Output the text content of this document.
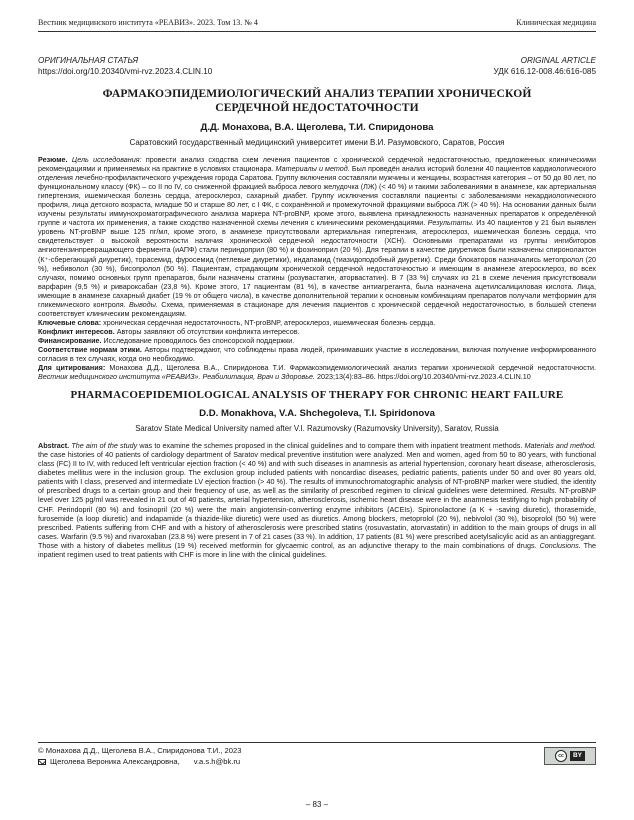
Вестник медицинского института «РЕАВИЗ». 2023. Том 13. № 4	Клиническая медицина
ОРИГИНАЛЬНАЯ СТАТЬЯ
https://doi.org/10.20340/vmi-rvz.2023.4.CLIN.10
ORIGINAL ARTICLE
УДК 616.12-008.46:616-085
ФАРМАКОЭПИДЕМИОЛОГИЧЕСКИЙ АНАЛИЗ ТЕРАПИИ ХРОНИЧЕСКОЙ СЕРДЕЧНОЙ НЕДОСТАТОЧНОСТИ
Д.Д. Монахова, В.А. Щеголева, Т.И. Спиридонова
Саратовский государственный медицинский университет имени В.И. Разумовского, Саратов, Россия

Резюме. Цель исследования: провести анализ сходства схем лечения пациентов с хронической сердечной недостаточностью, предложенных клиническими рекомендациями и применяемых на практике в условиях стационара. Материалы и метод. Был проведён анализ историй болезни 40 пациентов кардиологического отделения лечебно-профилактического учреждения города Саратова. Группу включения составляли мужчины и женщины, возрастная категория – от 50 до 80 лет, по функциональному классу (ФК) – со II по IV, со сниженной фракцией выброса левого желудочка (ЛЖ) (< 40 %) и такими заболеваниями в анамнезе, как артериальная гипертензия, ишемическая болезнь сердца, атеросклероз, сахарный диабет. Группу исключения составляли пациенты с заболеваниями некардиологического профиля, лица детского возраста, младше 50 и старше 80 лет, с I ФК, с сохранённой и промежуточной фракциями выброса ЛЖ (> 40 %). На основании данных были изучены результаты иммунохроматографического анализа маркера NT-proBNP, кроме этого, выявлена принадлежность назначенных препаратов к определённой группе и частота их применения, а также сходство назначенной схемы лечения с клиническими рекомендациями. Результаты. Из 40 пациентов у 21 был выявлен уровень NT-proBNP выше 125 пг/мл, кроме этого, в анамнезе присутствовали артериальная гипертензия, атеросклероз, ишемическая болезнь сердца, что свидетельствует о высокой вероятности наличия хронической сердечной недостаточности (ХСН). Основными препаратами из группы ингибиторов ангиотензинпревращающего фермента (иАПФ) стали периндоприл (80 %) и фозиноприл (20 %). Для терапии в качестве диуретиков были назначены спиронолактон (К⁺-сберегающий диуретик), торасемид, фуросемид (петлевые диуретики), индапамид (тиазидоподобный диуретик). Среди блокаторов назначались метопролол (20 %), небиволол (30 %), бисопролол (50 %). Пациентам, страдающим хронической сердечной недостаточностью и имеющим в анамнезе атеросклероз, во всех случаях, помимо основных групп препаратов, были назначены статины (розувастатин, аторвастатин). В 7 (33 %) случаях из 21 в схеме лечения присутствовали варфарин (9,5 %) и ривароксабан (23,8 %). Кроме этого, 17 пациентам (81 %), в качестве антиагреганта, была назначена ацетилсалициловая кислота. Лица, имеющие в анамнезе сахарный диабет (19 % от общего числа), в качестве дополнительной терапии к основным комбинациям препаратов получали метформин для гликемического контроля. Выводы. Схема, применяемая в стационаре для лечения пациентов с хронической сердечной недостаточностью, в большей степени соответствует клиническим рекомендациям.

Ключевые слова: хроническая сердечная недостаточность, NT-proBNP, атеросклероз, ишемическая болезнь сердца.

Конфликт интересов. Авторы заявляют об отсутствии конфликта интересов.

Финансирование. Исследование проводилось без спонсорской поддержки.

Соответствие нормам этики. Авторы подтверждают, что соблюдены права людей, принимавших участие в исследовании, включая получение информированного согласия в тех случаях, когда оно необходимо.

Для цитирования: Монахова Д.Д., Щеголева В.А., Спиридонова Т.И. Фармакоэпидемиологический анализ терапии хронической сердечной недостаточности. Вестник медицинского института «РЕАВИЗ». Реабилитация, Врач и Здоровье. 2023;13(4):83–86. https://doi.org/10.20340/vmi-rvz.2023.4.CLIN.10

PHARMACOEPIDEMIOLOGICAL ANALYSIS OF THERAPY FOR CHRONIC HEART FAILURE
D.D. Monakhova, V.A. Shchegoleva, T.I. Spiridonova
Saratov State Medical University named after V.I. Razumovsky (Razumovsky University), Saratov, Russia

Abstract. The aim of the study was to examine the schemes proposed in the clinical guidelines and to compare them with inpatient treatment methods. Materials and method. the case histories of 40 patients of cardiology department of Saratov medical preventive institution were analyzed. Men and women, aged from 50 to 80 years, with functional class (FC) II to IV, with reduced left ventricular ejection fraction (< 40 %) and with such diseases in anamnesis as arterial hypertension, coronary heart disease, atherosclerosis, diabetes mellitus were in the inclusion group. The exclusion group included patients with noncardiac diseases, pediatric patients, patients under 50 and over 80 years old, patients with I class, preserved and intermediate LV ejection fraction (> 40 %). The results of immunochromatographic analysis of NT-proBNP marker were studied, the identity of prescribed drugs to a certain group and their frequency of use, as well as the similarity of prescribed regimen to clinical guidelines were determined. Results. NT-proBNP level over 125 pg/ml was revealed in 21 out of 40 patients, arterial hypertension, atherosclerosis, ischemic heart disease were in the anamnesis testifying to high probability of CHF. Perindopril (80 %) and fosinopril (20 %) were the main angiotensin-converting enzyme inhibitors (ACEIs). Spironolactone (a K + -saving diuretic), thorasemide, furosemide (a loop diuretic) and indapamide (a thiazide-like diuretic) were used as diuretics. Among blockers, metoprolol (20 %), nebivolol (30 %), bisoprolol (50 %) were prescribed. Patients suffering from CHF and with a history of atherosclerosis were prescribed statins (rosuvastatin, atorvastatin) in addition to the main groups of drugs in all cases. Warfarin (9.5 %) and rivaroxaban (23.8 %) were present in 7 of 21 cases (33 %). In addition, 17 patients (81 %) were prescribed acetylsalicylic acid as an antiaggregant. Those with a history of diabetes mellitus (19 %) received metformin for glycaemic control, as an adjunctive therapy to the main combinations of drugs. Conclusions. The inpatient regimen used to treat patients with CHF is more in line with the clinical guidelines.

© Монахова Д.Д., Щеголева В.А., Спиридонова Т.И., 2023
Щеголева Вероника Александровна, v.a.s.h@bk.ru
cc	BY
– 83 –
